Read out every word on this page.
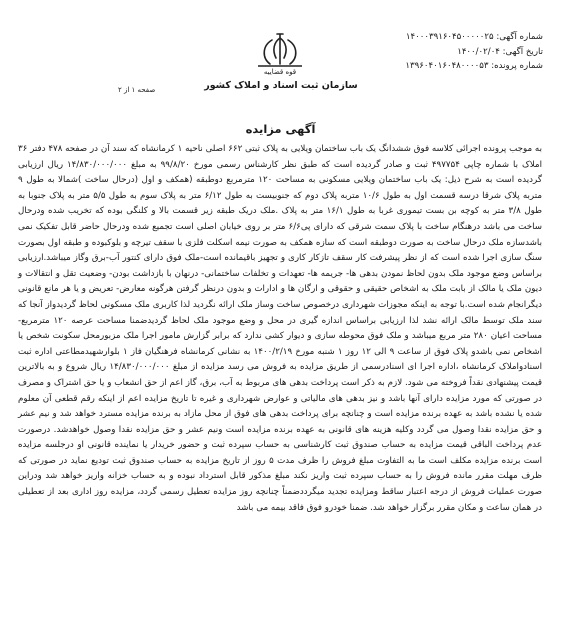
شماره آگهی: ۱۴۰۰۰۳۹۱۶۰۴۵۰۰۰۰۰۲۵
تاریخ آگهی: ۱۴۰۰/۰۲/۰۴
شماره پرونده: ۱۳۹۶۰۴۰۱۶۰۴۸۰۰۰۰۵۳
قوه قضاییه
سازمان ثبت اسناد و املاک کشور
صفحه ۱ از ۲
آگهی مزایده
به موجب پرونده اجرائی کلاسه فوق ششدانگ یک باب ساختمان ویلایی به پلاک ثبتی ۶۶۲ اصلی ناحیه ۱ کرمانشاه که سند آن در صفحه ۴۷۸ دفتر ۳۶ املاک با شماره چاپی ۴۹۷۷۵۴ ثبت و صادر گردیده است که طبق نظر کارشناس رسمی مورخ ۹۹/۸/۲۰ به مبلغ ۱۴/۸۳۰/۰۰۰/۰۰۰ ریال ارزیابی گردیده است به شرح ذیل: یک باب ساختمان ویلایی مسکونی به مساحت ۱۲۰ مترمربع دوطبقه (همکف و اول (درحال ساخت )شمالا به طول ۹ متربه پلاک شرقا درسه قسمت اول به طول ۱۰/۶ متربه پلاک دوم که جنوبیست به طول ۶/۱۲ متر به پلاک سوم به طول ۵/۵ متر به پلاک جنوبا به طول ۳/۸ متر به کوچه بن بست تیموری غربا به طول ۱۶/۱ متر به پلاک .ملک دریک طبقه زیر قسمت بالا و کلنگی بوده که تخریب شده ودرحال ساخت می باشد درهنگام ساخت با پلاک سمت شرقی که دارای پی۶/۶ متر بر روی خیابان اصلی است تجمیع شده ودرحال حاضر قابل تفکیک نمی باشدسازه ملک درحال ساخت به صورت دوطبقه است که سازه همکف به صورت نیمه اسکلت فلزی با سقف تیرچه و بلوکبوده و طبقه اول بصورت سنگ سازی اجرا شده است که از نظر پیشرفت کار سقف تازکار کاری و تجهیز باقیمانده است-ملک فوق دارای کنتور آب-برق وگاز میباشد.ارزیابی براساس وضع موجود ملک بدون لحاظ نمودن بدهی ها- جریمه ها- تعهدات و تخلفات ساختمانی- درنهان با بازداشت بودن- وضعیت تقل و انتقالات و دیون ملک یا مالک از بابت ملک به اشخاص حقیقی و حقوقی و ارگان ها و ادارات و بدون درنظر گرفتن هرگونه معارض- تعریض و یا هر مانع قانونی دیگرانجام شده است.با توجه به اینکه مجوزات شهرداری درخصوص ساخت وساز ملک ارائه نگردید لذا کاربری ملک مسکونی لحاظ گردیدواز آنجا که سند ملک توسط مالک ارائه نشد لذا ارزیابی براساس اندازه گیری در محل و وضع موجود ملک لحاظ گردیدضمنا مساحت عرصه ۱۲۰ مترمربع- مساحت اعیان ۲۸۰ متر مربع میباشد و ملک فوق محوطه سازی و دیوار کشی ندارد که برابر گزارش مامور اجرا ملک مزبورمحل سکونت شخص یا اشخاص نمی باشدو پلاک فوق از ساعت ۹ الی ۱۲ روز ۱ شنبه مورخ ۱۴۰۰/۲/۱۹ به نشانی کرمانشاه فرهنگیان فاز ۱ بلوارشهیدمطاعتی اداره ثبت اسنادواملاک کرمانشاه ،اداره اجرا ای اسنادرسمی از طریق مزایده به فروش می رسد مزایده از مبلغ ۱۴/۸۳۰/۰۰۰/۰۰۰ ریال شروع و به بالاترین قیمت پیشنهادی نقداً فروخته می شود. لازم به ذکر است پرداخت بدهی های مربوط به آب، برق، گاز اعم از حق انشعاب و یا حق اشتراک و مصرف در صورتی که مورد مزایده دارای آنها باشد و نیز بدهی های مالیاتی و عوارض شهرداری و غیره تا تاریخ مزایده اعم از اینکه رقم قطعی آن معلوم شده یا نشده باشد به عهده برنده مزایده است و چنانچه برای پرداخت بدهی های فوق از محل مازاد به برنده مزایده مسترد خواهد شد و نیم عشر و حق مزایده نقدا وصول می گردد وکلیه هزینه های قانونی به عهده برنده مزایده است ونیم عشر و حق مزایده نقدا وصول خواهدشد. درصورت عدم پرداخت الباقی قیمت مزایده به حساب صندوق ثبت کارشناسی به حساب سپرده ثبت و حضور خریدار یا نماینده قانونی او درجلسه مزایده است برنده مزایده مکلف است ما به التفاوت مبلغ فروش را ظرف مدت ۵ روز از تاریخ مزایده به حساب صندوق ثبت تودیع نماید در صورتی که ظرف مهلت مقرر مانده فروش را به حساب سپرده ثبت واریز نکند مبلغ مذکور قابل استرداد نبوده و به حساب خزانه واریز خواهد شد ودراین صورت عملیات فروش از درجه اعتبار ساقط ومزایده تجدید میگرددضمناً چنانچه روز مزایده تعطیل رسمی گردد، مزایده روز اداری بعد از تعطیلی در همان ساعت و مکان مقرر برگزار خواهد شد. ضمنا خودرو فوق فاقد بیمه می باشد
